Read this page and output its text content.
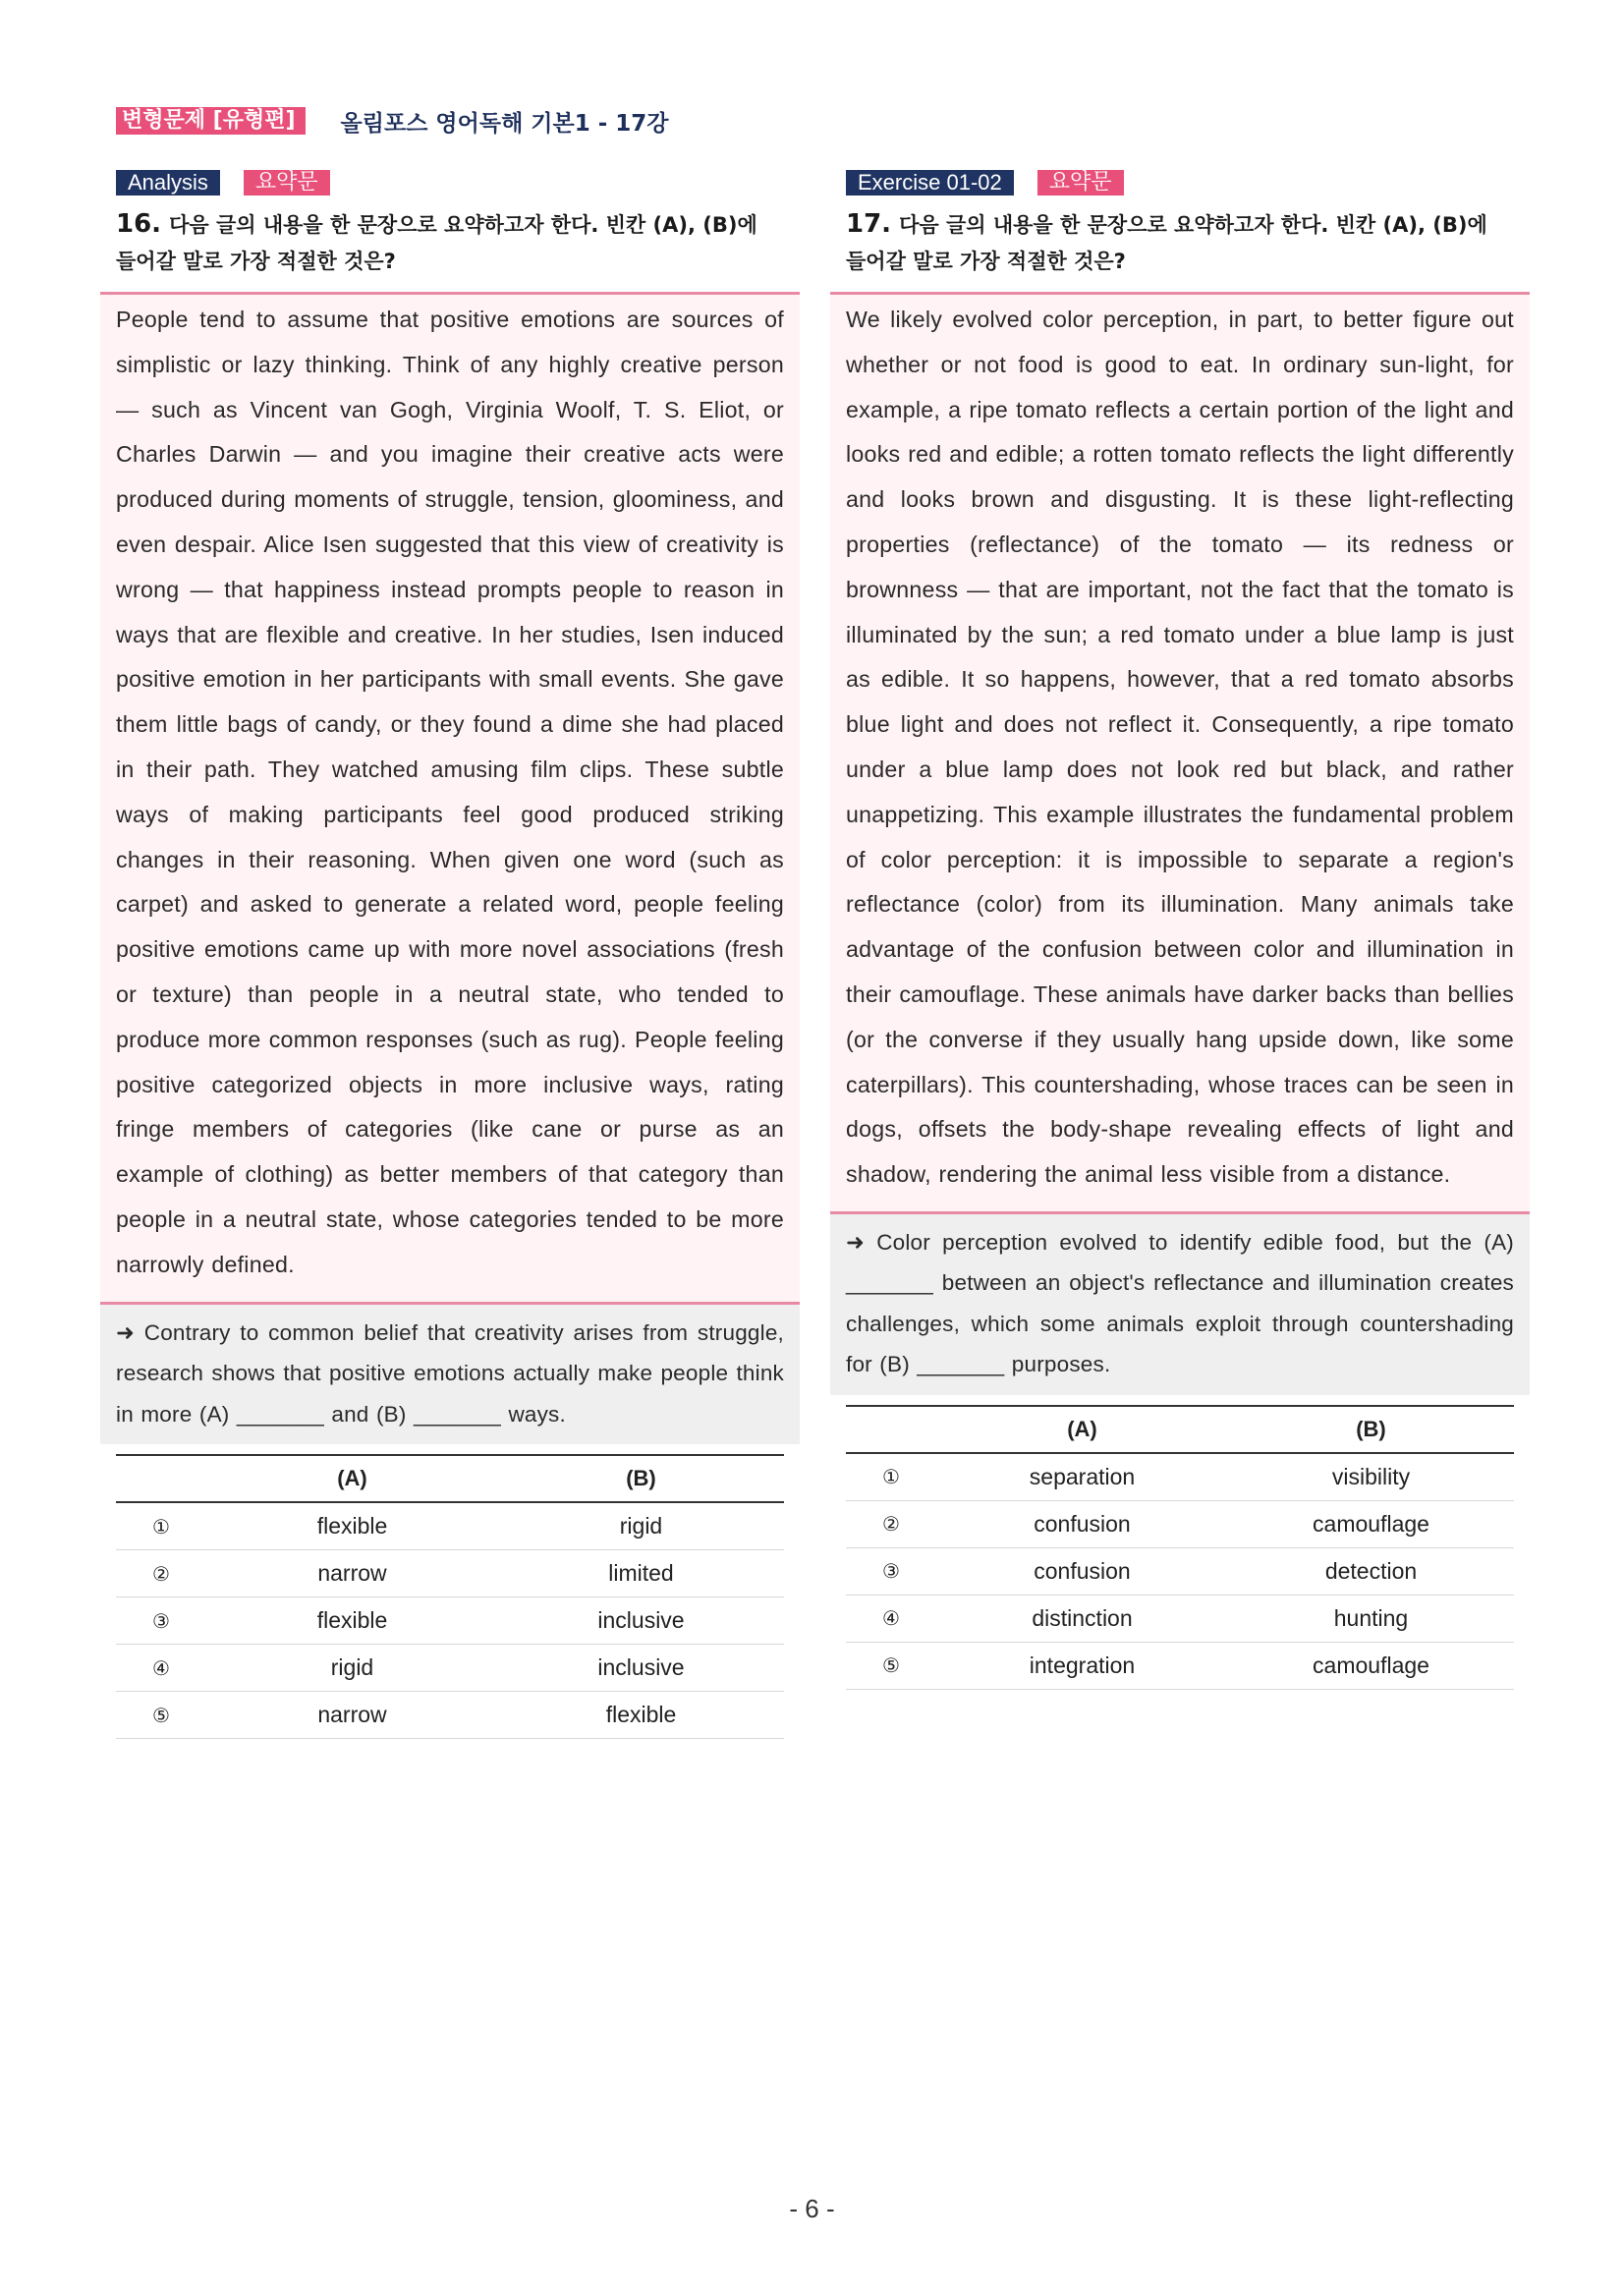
변형문제 [유형편]	올림포스 영어독해 기본1 - 17강
Analysis	요약문
16. 다음 글의 내용을 한 문장으로 요약하고자 한다. 빈칸 (A), (B)에 들어갈 말로 가장 적절한 것은?

People tend to assume that positive emotions are sources of simplistic or lazy thinking. Think of any highly creative person — such as Vincent van Gogh, Virginia Woolf, T. S. Eliot, or Charles Darwin — and you imagine their creative acts were produced during moments of struggle, tension, gloominess, and even despair. Alice Isen suggested that this view of creativity is wrong — that happiness instead prompts people to reason in ways that are flexible and creative. In her studies, Isen induced positive emotion in her participants with small events. She gave them little bags of candy, or they found a dime she had placed in their path. They watched amusing film clips. These subtle ways of making participants feel good produced striking changes in their reasoning. When given one word (such as carpet) and asked to generate a related word, people feeling positive emotions came up with more novel associations (fresh or texture) than people in a neutral state, who tended to produce more common responses (such as rug). People feeling positive categorized objects in more inclusive ways, rating fringe members of categories (like cane or purse as an example of clothing) as better members of that category than people in a neutral state, whose categories tended to be more narrowly defined.

➜ Contrary to common belief that creativity arises from struggle, research shows that positive emotions actually make people think in more (A) _______ and (B) _______ ways.

	(A)	(B)
①	flexible	rigid
②	narrow	limited
③	flexible	inclusive
④	rigid	inclusive
⑤	narrow	flexible
Exercise 01-02	요약문
17. 다음 글의 내용을 한 문장으로 요약하고자 한다. 빈칸 (A), (B)에 들어갈 말로 가장 적절한 것은?

We likely evolved color perception, in part, to better figure out whether or not food is good to eat. In ordinary sun-light, for example, a ripe tomato reflects a certain portion of the light and looks red and edible; a rotten tomato reflects the light differently and looks brown and disgusting. It is these light-reflecting properties (reflectance) of the tomato — its redness or brownness — that are important, not the fact that the tomato is illuminated by the sun; a red tomato under a blue lamp is just as edible. It so happens, however, that a red tomato absorbs blue light and does not reflect it. Consequently, a ripe tomato under a blue lamp does not look red but black, and rather unappetizing. This example illustrates the fundamental problem of color perception: it is impossible to separate a region's reflectance (color) from its illumination. Many animals take advantage of the confusion between color and illumination in their camouflage. These animals have darker backs than bellies (or the converse if they usually hang upside down, like some caterpillars). This countershading, whose traces can be seen in dogs, offsets the body-shape revealing effects of light and shadow, rendering the animal less visible from a distance.

➜ Color perception evolved to identify edible food, but the (A) _______ between an object's reflectance and illumination creates challenges, which some animals exploit through countershading for (B) _______ purposes.

	(A)	(B)
①	separation	visibility
②	confusion	camouflage
③	confusion	detection
④	distinction	hunting
⑤	integration	camouflage
- 6 -
